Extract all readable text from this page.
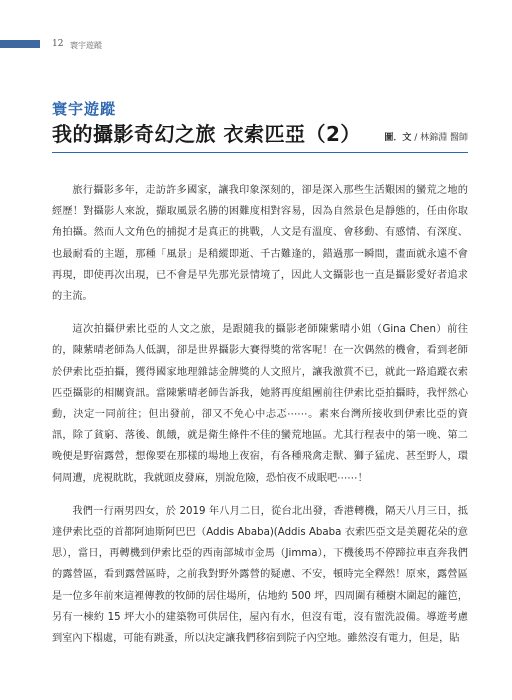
12 寰宇遊蹤
寰宇遊蹤
我的攝影奇幻之旅 衣索匹亞（2）	圖．文 / 林錦淵 醫師

旅行攝影多年，走訪許多國家，讓我印象深刻的，卻是深入那些生活艱困的蠻荒之地的經歷！對攝影人來說，擷取風景名勝的困難度相對容易，因為自然景色是靜態的，任由你取角拍攝。然而人文角色的捕捉才是真正的挑戰，人文是有溫度、會移動、有感情、有深度、也最耐看的主題，那種「風景」是稍縱即逝、千古難逢的，錯過那一瞬間，畫面就永遠不會再現，即使再次出現，已不會是早先那光景情境了，因此人文攝影也一直是攝影愛好者追求的主流。

這次拍攝伊索比亞的人文之旅，是跟隨我的攝影老師陳紫晴小姐（Gina Chen）前往的，陳紫晴老師為人低調，卻是世界攝影大賽得獎的常客呢！在一次偶然的機會，看到老師於伊索比亞拍攝，獲得國家地理雜誌金牌獎的人文照片，讓我激賞不已，就此一路追蹤衣索匹亞攝影的相關資訊。當陳紫晴老師告訴我，她將再度組團前往伊索比亞拍攝時，我怦然心動，決定一同前往；但出發前，卻又不免心中忐忑⋯⋯。素來台灣所接收到伊索比亞的資訊，除了貧窮、落後、飢餓，就是衛生條件不佳的蠻荒地區。尤其行程表中的第一晚、第二晚便是野宿露營，想像要在那樣的場地上夜宿，有各種飛禽走獸、獅子猛虎、甚至野人，環伺周遭，虎視眈眈，我就頭皮發麻，別說危險，恐怕夜不成眠吧⋯⋯！

我們一行兩男四女，於 2019 年八月二日，從台北出發，香港轉機，隔天八月三日，抵達伊索比亞的首都阿迪斯阿巴巴（Addis Ababa)(Addis Ababa 衣索匹亞文是美麗花朵的意思），當日，再轉機到伊索比亞的西南部城市金馬（Jimma），下機後馬不停蹄拉車直奔我們的露營區，看到露營區時，之前我對野外露營的疑慮、不安，頓時完全釋然！原來，露營區是一位多年前來這裡傳教的牧師的居住場所，佔地約 500 坪，四周圍有種樹木圍起的籬笆，另有一棟約 15 坪大小的建築物可供居住，屋內有水，但沒有電，沒有盥洗設備。導遊考慮到室內下榻處，可能有跳蚤，所以決定讓我們移宿到院子內空地。雖然沒有電力，但是，貼
